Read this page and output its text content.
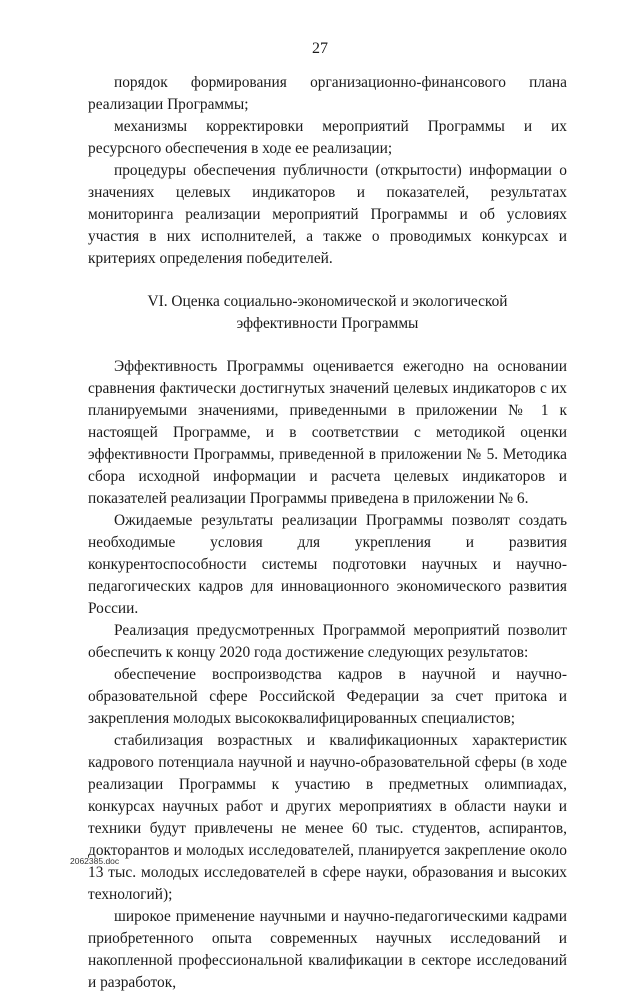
27

порядок формирования организационно-финансового плана реализации Программы;

механизмы корректировки мероприятий Программы и их ресурсного обеспечения в ходе ее реализации;

процедуры обеспечения публичности (открытости) информации о значениях целевых индикаторов и показателей, результатах мониторинга реализации мероприятий Программы и об условиях участия в них исполнителей, а также о проводимых конкурсах и критериях определения победителей.

VI. Оценка социально-экономической и экологической
эффективности Программы

Эффективность Программы оценивается ежегодно на основании сравнения фактически достигнутых значений целевых индикаторов с их планируемыми значениями, приведенными в приложении № 1 к настоящей Программе, и в соответствии с методикой оценки эффективности Программы, приведенной в приложении № 5. Методика сбора исходной информации и расчета целевых индикаторов и показателей реализации Программы приведена в приложении № 6.

Ожидаемые результаты реализации Программы позволят создать необходимые условия для укрепления и развития конкурентоспособности системы подготовки научных и научно-педагогических кадров для инновационного экономического развития России.

Реализация предусмотренных Программой мероприятий позволит обеспечить к концу 2020 года достижение следующих результатов:

обеспечение воспроизводства кадров в научной и научно-образовательной сфере Российской Федерации за счет притока и закрепления молодых высококвалифицированных специалистов;

стабилизация возрастных и квалификационных характеристик кадрового потенциала научной и научно-образовательной сферы (в ходе реализации Программы к участию в предметных олимпиадах, конкурсах научных работ и других мероприятиях в области науки и техники будут привлечены не менее 60 тыс. студентов, аспирантов, докторантов и молодых исследователей, планируется закрепление около 13 тыс. молодых исследователей в сфере науки, образования и высоких технологий);

широкое применение научными и научно-педагогическими кадрами приобретенного опыта современных научных исследований и накопленной профессиональной квалификации в секторе исследований и разработок,

2062385.doc
